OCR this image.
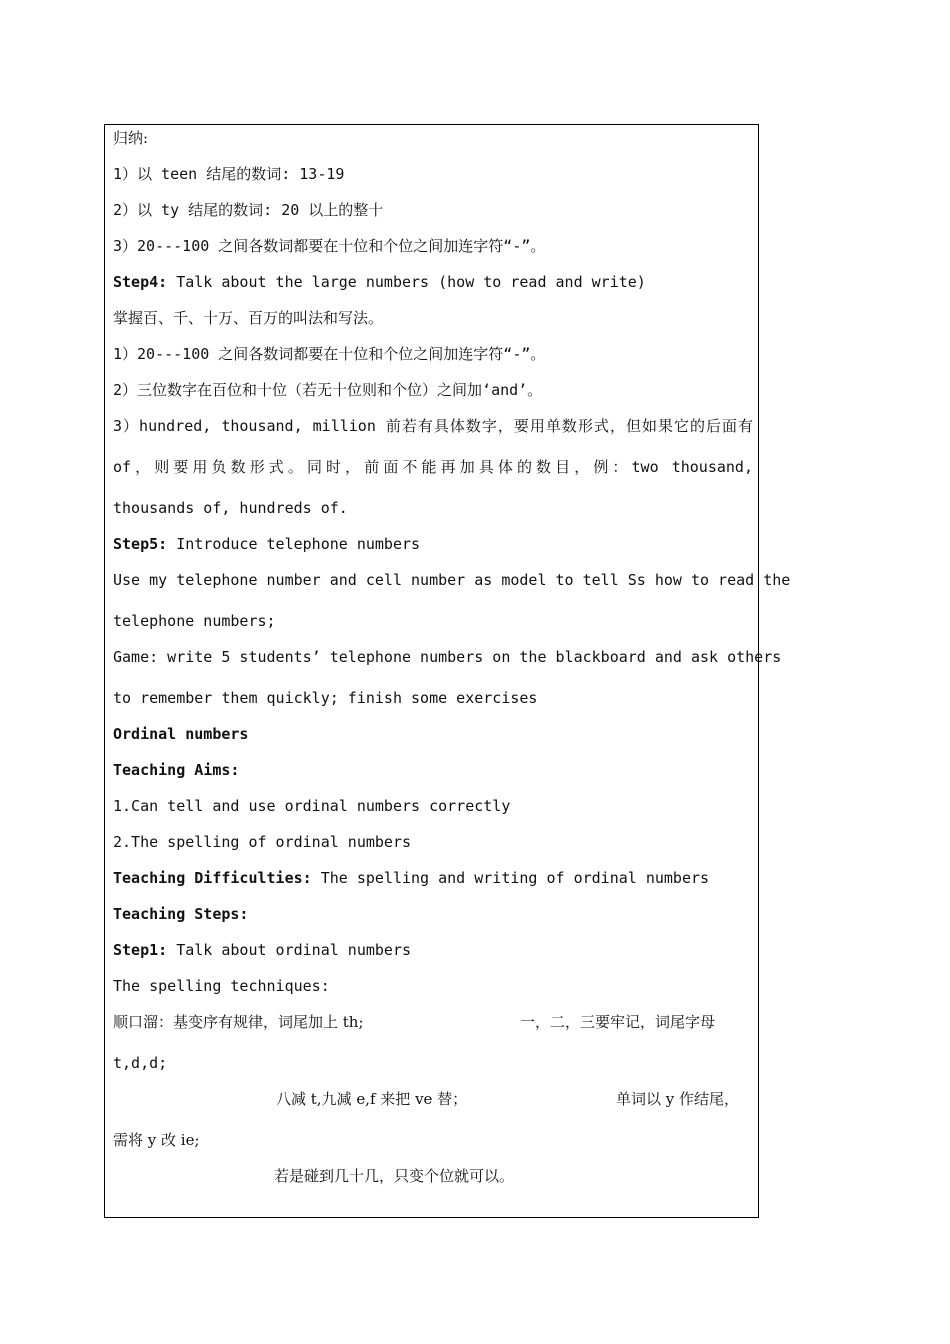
归纳:
1）以 teen 结尾的数词: 13-19
2）以 ty 结尾的数词: 20 以上的整十
3）20---100 之间各数词都要在十位和个位之间加连字符“-”。
Step4: Talk about the large numbers (how to read and write)
掌握百、千、十万、百万的叫法和写法。
1）20---100 之间各数词都要在十位和个位之间加连字符“-”。
2）三位数字在百位和十位（若无十位则和个位）之间加‘and’。
3）hundred, thousand, million 前若有具体数字，要用单数形式，但如果它的后面有
of，则要用负数形式。同时，前面不能再加具体的数目，例：two thousand,
thousands of, hundreds of.
Step5: Introduce telephone numbers
Use my telephone number and cell number as model to tell Ss how to read the
telephone numbers;
Game: write 5 students’ telephone numbers on the blackboard and ask others
to remember them quickly; finish some exercises
Ordinal numbers
Teaching Aims:
1.Can tell and use ordinal numbers correctly
2.The spelling of ordinal numbers
Teaching Difficulties: The spelling and writing of ordinal numbers
Teaching Steps:
Step1: Talk about ordinal numbers
The spelling techniques:
顺口溜：基变序有规律，词尾加上 th;	一，二，三要牢记，词尾字母
t,d,d;
八减 t,九减 e,f 来把 ve 替；	单词以 y 作结尾，
需将 y 改 ie;
若是碰到几十几，只变个位就可以。
